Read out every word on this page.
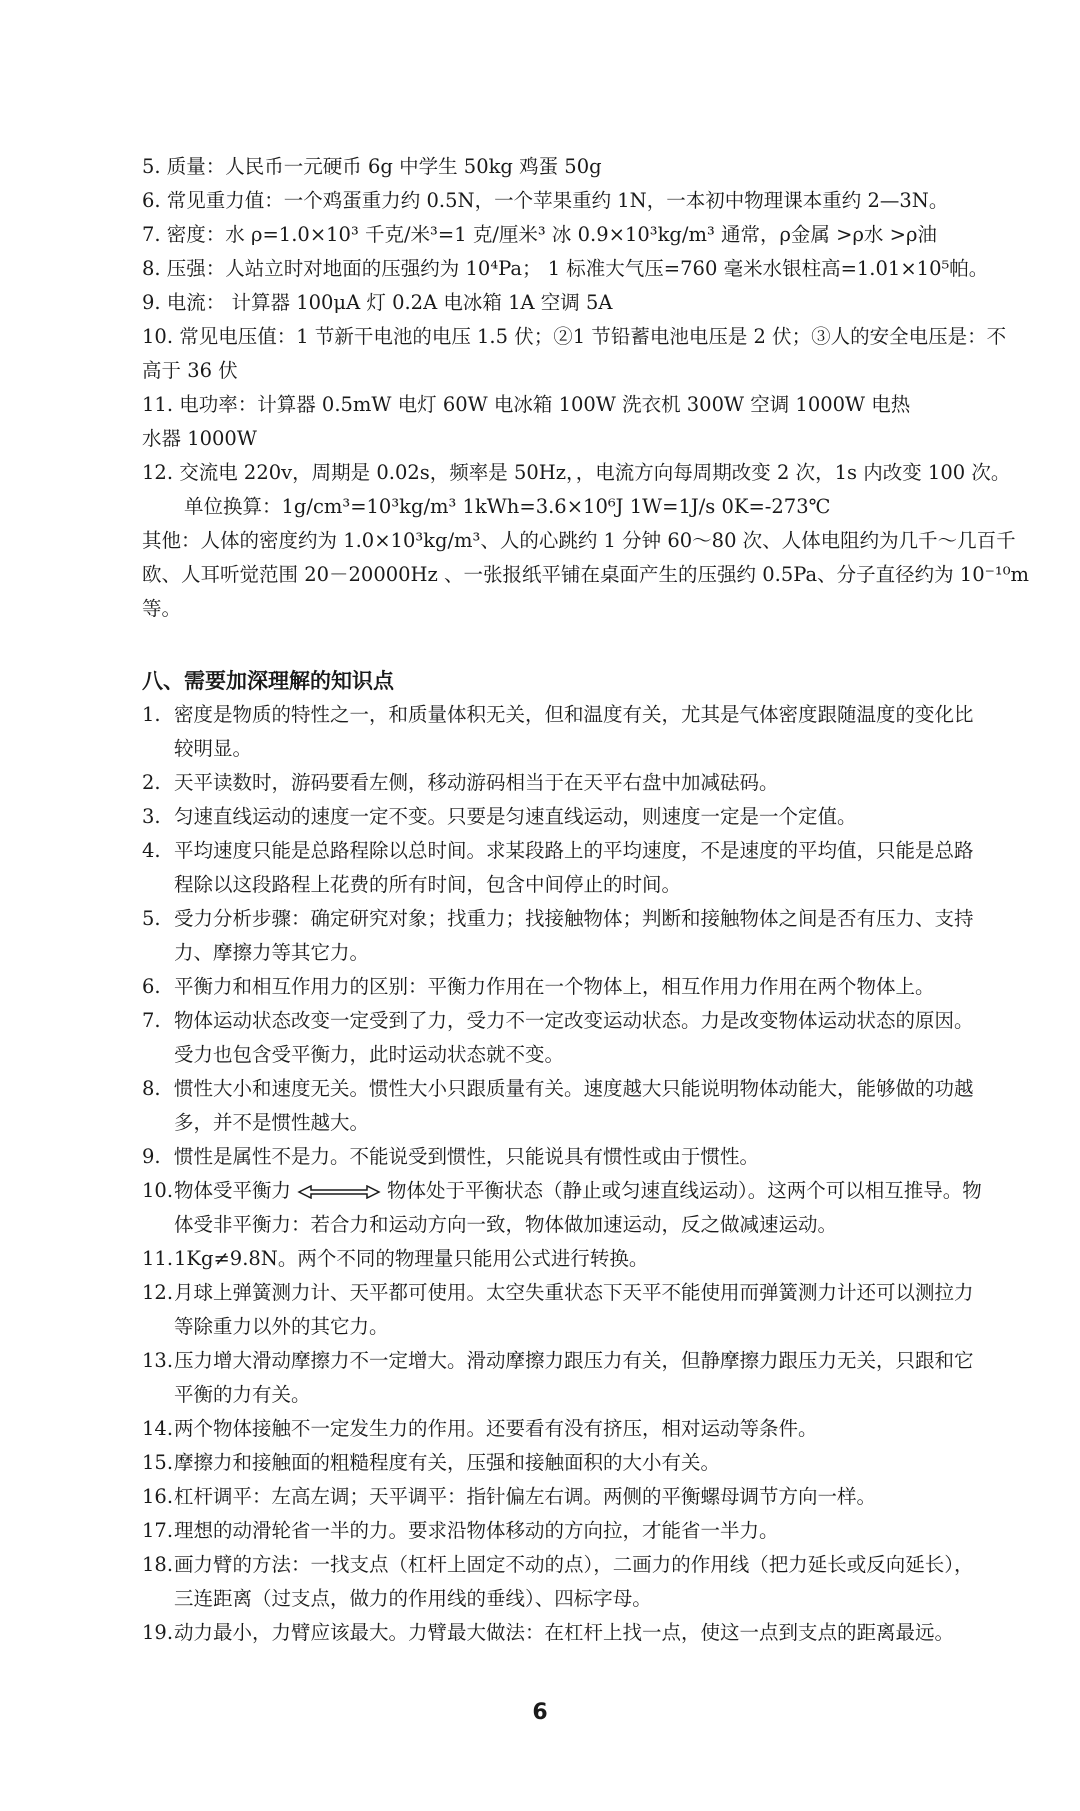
5. 质量：人民币一元硬币 6g 中学生 50kg 鸡蛋 50g
6. 常见重力值：一个鸡蛋重力约 0.5N，一个苹果重约 1N，一本初中物理课本重约 2—3N。
7. 密度：水 ρ=1.0×10³ 千克/米³=1 克/厘米³ 冰 0.9×10³kg/m³ 通常，ρ金属 >ρ水 >ρ油
8. 压强：人站立时对地面的压强约为 10⁴Pa； 1 标准大气压=760 毫米水银柱高=1.01×10⁵帕。
9. 电流： 计算器 100μA 灯 0.2A 电冰箱 1A 空调 5A
10. 常见电压值：1 节新干电池的电压 1.5 伏；②1 节铅蓄电池电压是 2 伏；③人的安全电压是：不
高于 36 伏
11. 电功率：计算器 0.5mW 电灯 60W 电冰箱 100W 洗衣机 300W 空调 1000W 电热
水器 1000W
12. 交流电 220v，周期是 0.02s，频率是 50Hz，，电流方向每周期改变 2 次，1s 内改变 100 次。
单位换算：1g/cm³=10³kg/m³ 1kWh=3.6×10⁶J 1W=1J/s 0K=-273℃
其他：人体的密度约为 1.0×10³kg/m³、人的心跳约 1 分钟 60～80 次、人体电阻约为几千～几百千
欧、人耳听觉范围 20－20000Hz 、一张报纸平铺在桌面产生的压强约 0.5Pa、分子直径约为 10⁻¹⁰m
等。
八、需要加深理解的知识点
1. 密度是物质的特性之一，和质量体积无关，但和温度有关，尤其是气体密度跟随温度的变化比
较明显。
2. 天平读数时，游码要看左侧，移动游码相当于在天平右盘中加减砝码。
3. 匀速直线运动的速度一定不变。只要是匀速直线运动，则速度一定是一个定值。
4. 平均速度只能是总路程除以总时间。求某段路上的平均速度，不是速度的平均值，只能是总路
程除以这段路程上花费的所有时间，包含中间停止的时间。
5. 受力分析步骤：确定研究对象；找重力；找接触物体；判断和接触物体之间是否有压力、支持
力、摩擦力等其它力。
6. 平衡力和相互作用力的区别：平衡力作用在一个物体上，相互作用力作用在两个物体上。
7. 物体运动状态改变一定受到了力，受力不一定改变运动状态。力是改变物体运动状态的原因。
受力也包含受平衡力，此时运动状态就不变。
8. 惯性大小和速度无关。惯性大小只跟质量有关。速度越大只能说明物体动能大，能够做的功越
多，并不是惯性越大。
9. 惯性是属性不是力。不能说受到惯性，只能说具有惯性或由于惯性。
10. 物体受平衡力	物体处于平衡状态（静止或匀速直线运动）。这两个可以相互推导。物
体受非平衡力：若合力和运动方向一致，物体做加速运动，反之做减速运动。
11. 1Kg≠9.8N。两个不同的物理量只能用公式进行转换。
12. 月球上弹簧测力计、天平都可使用。太空失重状态下天平不能使用而弹簧测力计还可以测拉力
等除重力以外的其它力。
13. 压力增大滑动摩擦力不一定增大。滑动摩擦力跟压力有关，但静摩擦力跟压力无关，只跟和它
平衡的力有关。
14. 两个物体接触不一定发生力的作用。还要看有没有挤压，相对运动等条件。
15. 摩擦力和接触面的粗糙程度有关，压强和接触面积的大小有关。
16. 杠杆调平：左高左调；天平调平：指针偏左右调。两侧的平衡螺母调节方向一样。
17. 理想的动滑轮省一半的力。要求沿物体移动的方向拉，才能省一半力。
18. 画力臂的方法：一找支点（杠杆上固定不动的点），二画力的作用线（把力延长或反向延长），
三连距离（过支点，做力的作用线的垂线）、四标字母。
19. 动力最小，力臂应该最大。力臂最大做法：在杠杆上找一点，使这一点到支点的距离最远。
6
